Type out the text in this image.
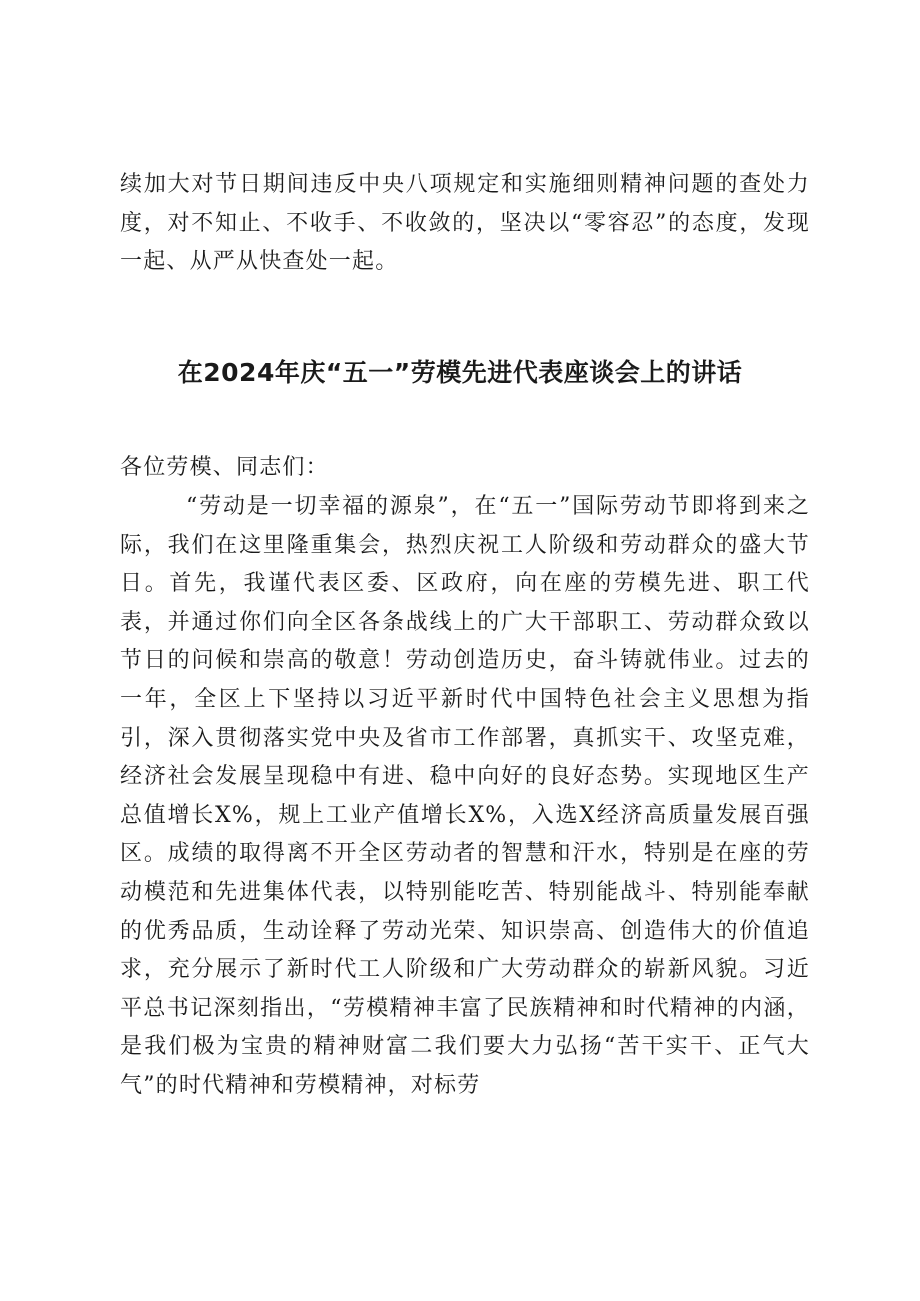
续加大对节日期间违反中央八项规定和实施细则精神问题的查处力度，对不知止、不收手、不收敛的，坚决以“零容忍”的态度，发现一起、从严从快查处一起。

在2024年庆“五一”劳模先进代表座谈会上的讲话

各位劳模、同志们：

“劳动是一切幸福的源泉”，在“五一”国际劳动节即将到来之际，我们在这里隆重集会，热烈庆祝工人阶级和劳动群众的盛大节日。首先，我谨代表区委、区政府，向在座的劳模先进、职工代表，并通过你们向全区各条战线上的广大干部职工、劳动群众致以节日的问候和崇高的敬意！劳动创造历史，奋斗铸就伟业。过去的一年，全区上下坚持以习近平新时代中国特色社会主义思想为指引，深入贯彻落实党中央及省市工作部署，真抓实干、攻坚克难，经济社会发展呈现稳中有进、稳中向好的良好态势。实现地区生产总值增长X%，规上工业产值增长X%，入选X经济高质量发展百强区。成绩的取得离不开全区劳动者的智慧和汗水，特别是在座的劳动模范和先进集体代表，以特别能吃苦、特别能战斗、特别能奉献的优秀品质，生动诠释了劳动光荣、知识崇高、创造伟大的价值追求，充分展示了新时代工人阶级和广大劳动群众的崭新风貌。习近平总书记深刻指出，“劳模精神丰富了民族精神和时代精神的内涵，是我们极为宝贵的精神财富二我们要大力弘扬“苦干实干、正气大气”的时代精神和劳模精神，对标劳
